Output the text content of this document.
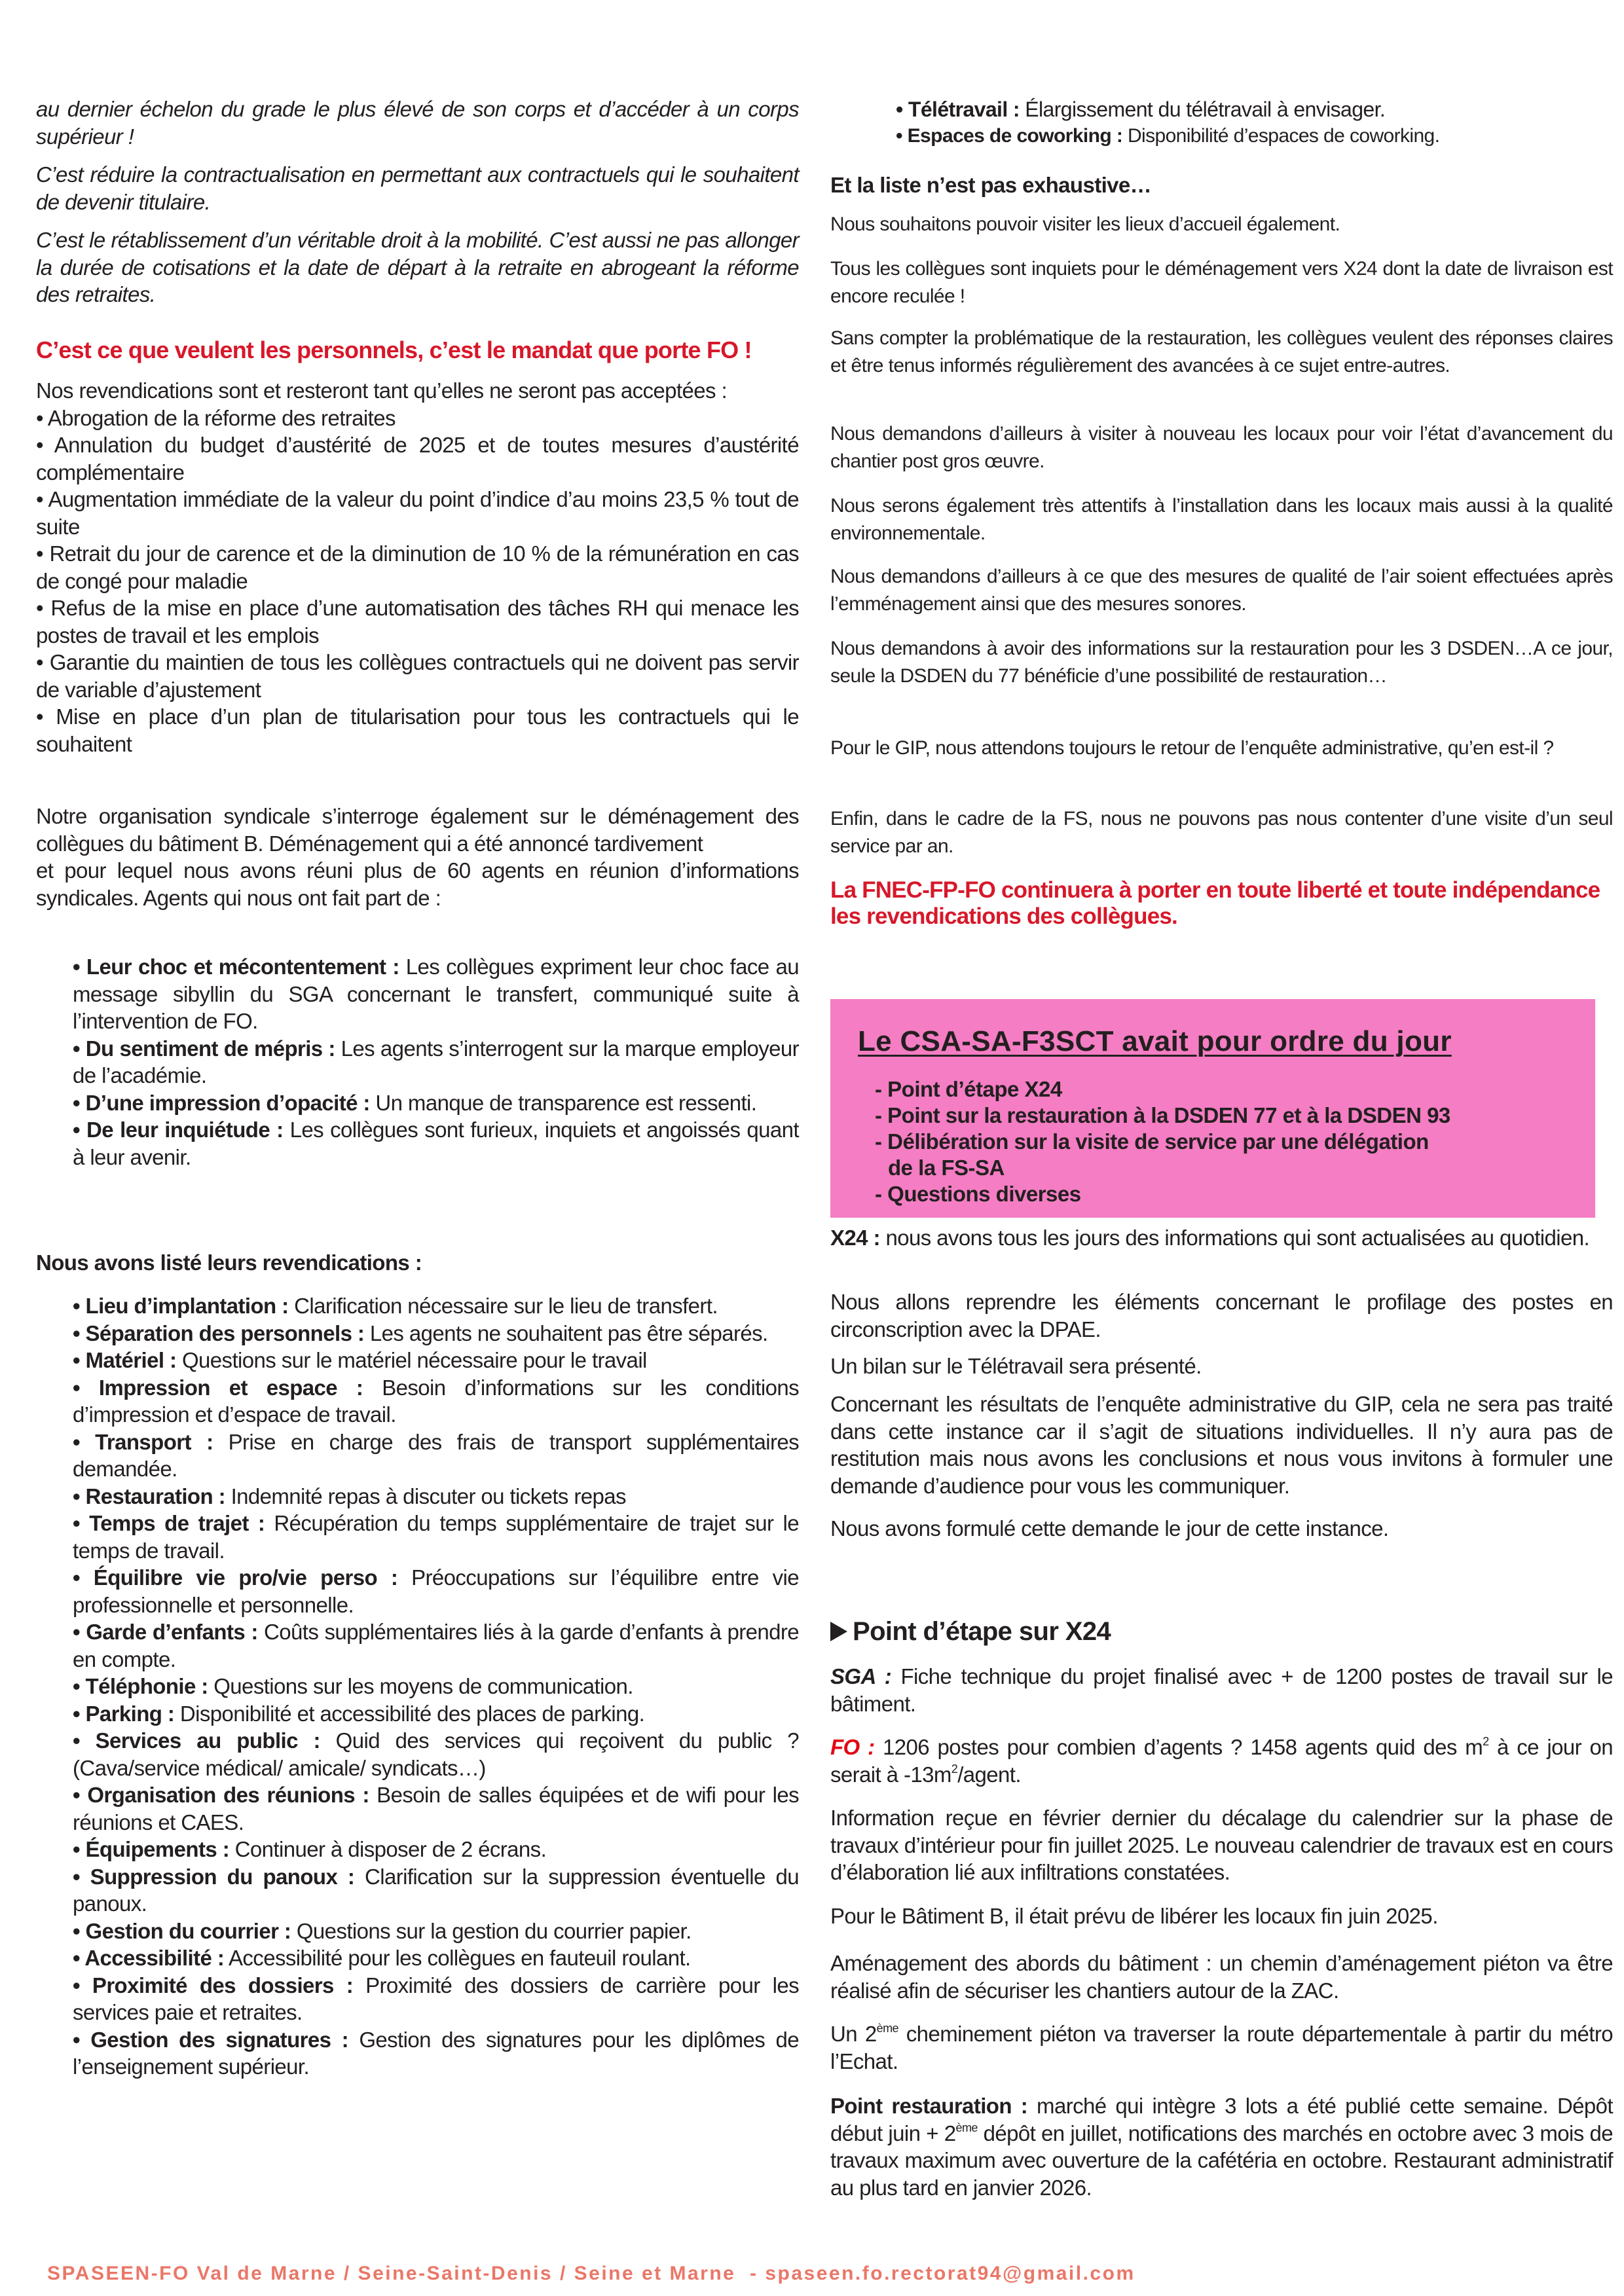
au dernier échelon du grade le plus élevé de son corps et d’accéder à un corps supérieur !

C’est réduire la contractualisation en permettant aux contractuels qui le souhaitent de devenir titulaire.

C’est le rétablissement d’un véritable droit à la mobilité. C’est aussi ne pas allonger la durée de cotisations et la date de départ à la retraite en abrogeant la réforme des retraites.

C’est ce que veulent les personnels, c’est le mandat que porte FO !

Nos revendications sont et resteront tant qu’elles ne seront pas acceptées :

• Abrogation de la réforme des retraites

• Annulation du budget d’austérité de 2025 et de toutes mesures d’austérité complémentaire

• Augmentation immédiate de la valeur du point d’indice d’au moins 23,5 % tout de suite

• Retrait du jour de carence et de la diminution de 10 % de la rémunération en cas de congé pour maladie

• Refus de la mise en place d’une automatisation des tâches RH qui menace les postes de travail et les emplois

• Garantie du maintien de tous les collègues contractuels qui ne doivent pas servir de variable d’ajustement

• Mise en place d’un plan de titularisation pour tous les contractuels qui le souhaitent

Notre organisation syndicale s’interroge également sur le déménagement des collègues du bâtiment B. Déménagement qui a été annoncé tardivement

et pour lequel nous avons réuni plus de 60 agents en réunion d’informations syndicales. Agents qui nous ont fait part de :

• Leur choc et mécontentement : Les collègues expriment leur choc face au message sibyllin du SGA concernant le transfert, communiqué suite à l’intervention de FO.

• Du sentiment de mépris : Les agents s’interrogent sur la marque employeur de l’académie.

• D’une impression d’opacité : Un manque de transparence est ressenti.

• De leur inquiétude : Les collègues sont furieux, inquiets et angoissés quant à leur avenir.

Nous avons listé leurs revendications :

• Lieu d’implantation : Clarification nécessaire sur le lieu de transfert.

• Séparation des personnels : Les agents ne souhaitent pas être séparés.

• Matériel : Questions sur le matériel nécessaire pour le travail

• Impression et espace : Besoin d’informations sur les conditions d’impression et d’espace de travail.

• Transport : Prise en charge des frais de transport supplémentaires demandée.

• Restauration : Indemnité repas à discuter ou tickets repas

• Temps de trajet : Récupération du temps supplémentaire de trajet sur le temps de travail.

• Équilibre vie pro/vie perso : Préoccupations sur l’équilibre entre vie professionnelle et personnelle.

• Garde d’enfants : Coûts supplémentaires liés à la garde d’enfants à prendre en compte.

• Téléphonie : Questions sur les moyens de communication.

• Parking : Disponibilité et accessibilité des places de parking.

• Services au public : Quid des services qui reçoivent du public ? (Cava/service médical/ amicale/ syndicats…)

• Organisation des réunions : Besoin de salles équipées et de wifi pour les réunions et CAES.

• Équipements : Continuer à disposer de 2 écrans.

• Suppression du panoux : Clarification sur la suppression éventuelle du panoux.

• Gestion du courrier : Questions sur la gestion du courrier papier.

• Accessibilité : Accessibilité pour les collègues en fauteuil roulant.

• Proximité des dossiers : Proximité des dossiers de carrière pour les services paie et retraites.

• Gestion des signatures : Gestion des signatures pour les diplômes de l’enseignement supérieur.

• Télétravail : Élargissement du télétravail à envisager.

• Espaces de coworking : Disponibilité d’espaces de coworking.

Et la liste n’est pas exhaustive…

Nous souhaitons pouvoir visiter les lieux d’accueil également.

Tous les collègues sont inquiets pour le déménagement vers X24 dont la date de livraison est encore reculée !

Sans compter la problématique de la restauration, les collègues veulent des réponses claires et être tenus informés régulièrement des avancées à ce sujet entre-autres.

Nous demandons d’ailleurs à visiter à nouveau les locaux pour voir l’état d’avancement du chantier post gros œuvre.

Nous serons également très attentifs à l’installation dans les locaux mais aussi à la qualité environnementale.

Nous demandons d’ailleurs à ce que des mesures de qualité de l’air soient effectuées après l’emménagement ainsi que des mesures sonores.

Nous demandons à avoir des informations sur la restauration pour les 3 DSDEN…A ce jour, seule la DSDEN du 77 bénéficie d’une possibilité de restauration…

Pour le GIP, nous attendons toujours le retour de l’enquête administrative, qu’en est-il ?

Enfin, dans le cadre de la FS, nous ne pouvons pas nous contenter d’une visite d’un seul service par an.

La FNEC-FP-FO continuera à porter en toute liberté et toute indépendance les revendications des collègues.

Le CSA-SA-F3SCT avait pour ordre du jour

- Point d’étape X24

- Point sur la restauration à la DSDEN 77 et à la DSDEN 93

- Délibération sur la visite de service par une délégation

de la FS-SA

- Questions diverses

X24 : nous avons tous les jours des informations qui sont actualisées au quotidien.

Nous allons reprendre les éléments concernant le profilage des postes en circonscription avec la DPAE.

Un bilan sur le Télétravail sera présenté.

Concernant les résultats de l’enquête administrative du GIP, cela ne sera pas traité dans cette instance car il s’agit de situations individuelles. Il n’y aura pas de restitution mais nous avons les conclusions et nous vous invitons à formuler une demande d’audience pour vous les communiquer.

Nous avons formulé cette demande le jour de cette instance.

Point d’étape sur X24

SGA : Fiche technique du projet finalisé avec + de 1200 postes de travail sur le bâtiment.

FO : 1206 postes pour combien d’agents ? 1458 agents quid des $m^2$ à ce jour on serait à $-13m^2$/agent.

Information reçue en février dernier du décalage du calendrier sur la phase de travaux d’intérieur pour fin juillet 2025. Le nouveau calendrier de travaux est en cours d’élaboration lié aux infiltrations constatées.

Pour le Bâtiment B, il était prévu de libérer les locaux fin juin 2025.

Aménagement des abords du bâtiment : un chemin d’aménagement piéton va être réalisé afin de sécuriser les chantiers autour de la ZAC.

Un 2ème cheminement piéton va traverser la route départementale à partir du métro l’Echat.

Point restauration : marché qui intègre 3 lots a été publié cette semaine. Dépôt début juin + 2ème dépôt en juillet, notifications des marchés en octobre avec 3 mois de travaux maximum avec ouverture de la cafétéria en octobre. Restaurant administratif au plus tard en janvier 2026.

SPASEEN-FO Val de Marne / Seine-Saint-Denis / Seine et Marne  - spaseen.fo.rectorat94@gmail.com
